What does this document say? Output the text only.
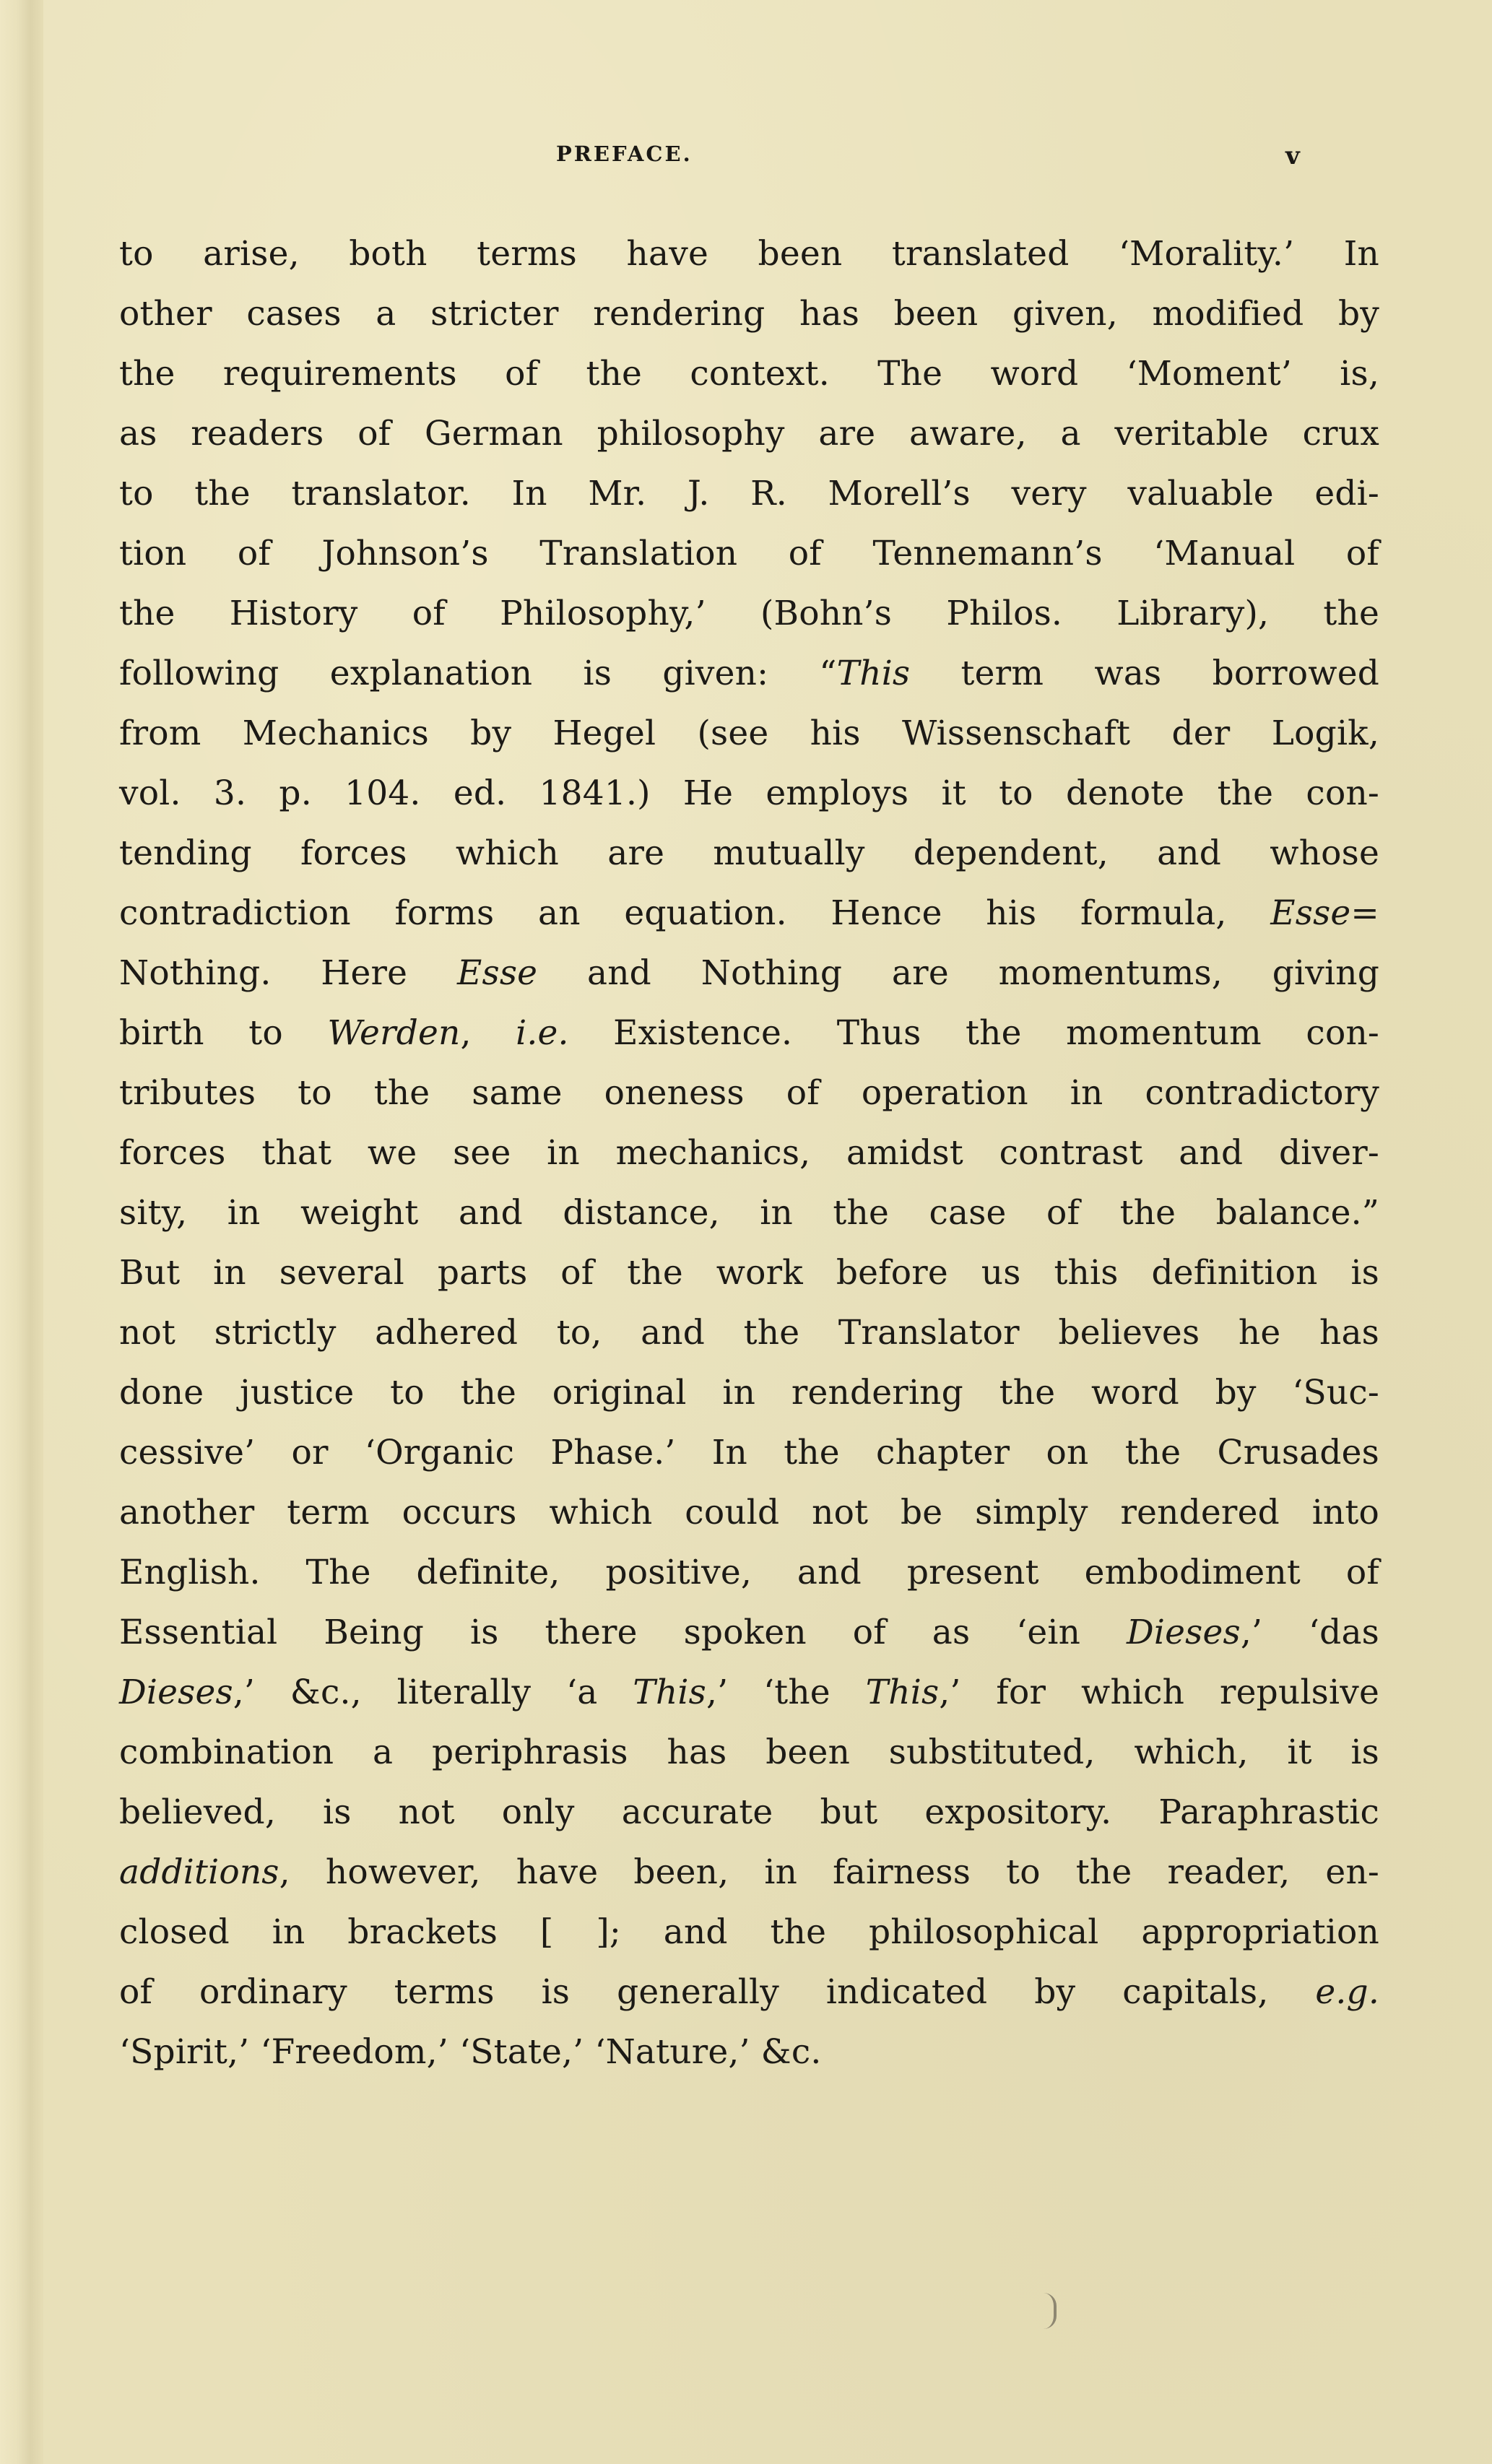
PREFACE.	v
to arise, both terms have been translated ‘Morality.’ In
other cases a stricter rendering has been given, modified by
the requirements of the context. The word ‘Moment’ is,
as readers of German philosophy are aware, a veritable crux
to the translator. In Mr. J. R. Morell’s very valuable edi-
tion of Johnson’s Translation of Tennemann’s ‘Manual of
the History of Philosophy,’ (Bohn’s Philos. Library), the
following explanation is given: “This term was borrowed
from Mechanics by Hegel (see his Wissenschaft der Logik,
vol. 3. p. 104. ed. 1841.) He employs it to denote the con-
tending forces which are mutually dependent, and whose
contradiction forms an equation. Hence his formula, Esse=
Nothing. Here Esse and Nothing are momentums, giving
birth to Werden, i.e. Existence. Thus the momentum con-
tributes to the same oneness of operation in contradictory
forces that we see in mechanics, amidst contrast and diver-
sity, in weight and distance, in the case of the balance.”
But in several parts of the work before us this definition is
not strictly adhered to, and the Translator believes he has
done justice to the original in rendering the word by ‘Suc-
cessive’ or ‘Organic Phase.’ In the chapter on the Crusades
another term occurs which could not be simply rendered into
English. The definite, positive, and present embodiment of
Essential Being is there spoken of as ‘ein Dieses,’ ‘das
Dieses,’ &c., literally ‘a This,’ ‘the This,’ for which repulsive
combination a periphrasis has been substituted, which, it is
believed, is not only accurate but expository. Paraphrastic
additions, however, have been, in fairness to the reader, en-
closed in brackets [ ]; and the philosophical appropriation
of ordinary terms is generally indicated by capitals, e.g.
‘Spirit,’ ‘Freedom,’ ‘State,’ ‘Nature,’ &c.
